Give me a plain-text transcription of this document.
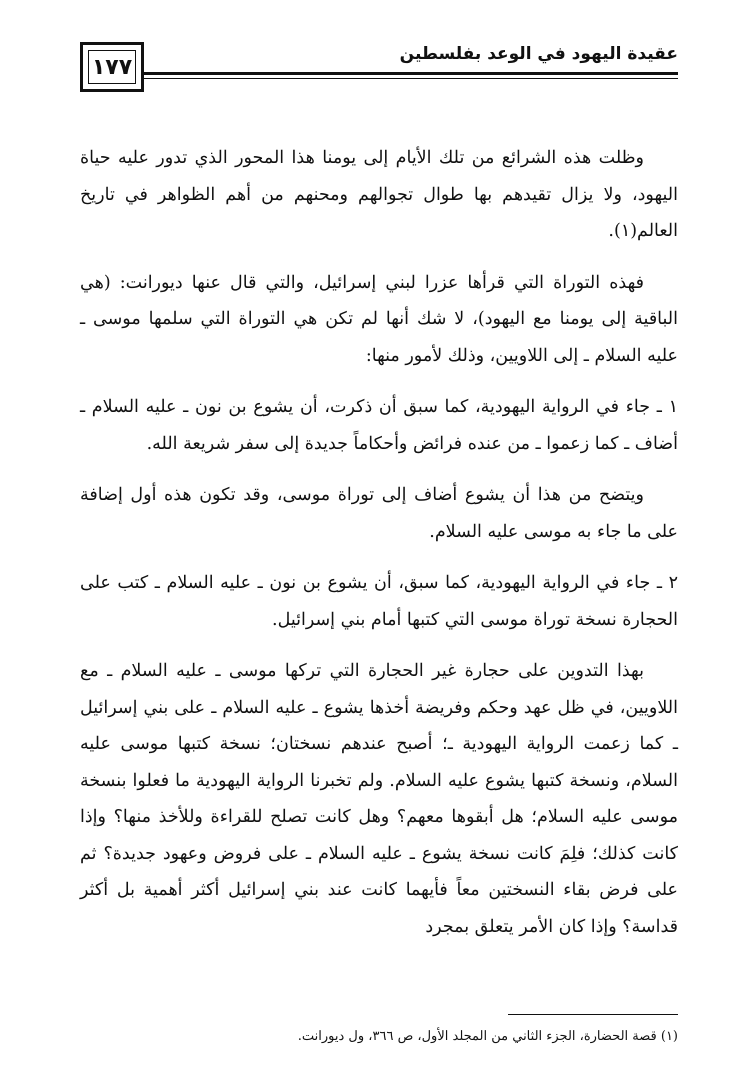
عقيدة اليهود في الوعد بفلسطين
١٧٧

وظلت هذه الشرائع من تلك الأيام إلى يومنا هذا المحور الذي تدور عليه حياة اليهود، ولا يزال تقيدهم بها طوال تجوالهم ومحنهم من أهم الظواهر في تاريخ العالم(١).

فهذه التوراة التي قرأها عزرا لبني إسرائيل، والتي قال عنها ديورانت: (هي الباقية إلى يومنا مع اليهود)، لا شك أنها لم تكن هي التوراة التي سلمها موسى ـ عليه السلام ـ إلى اللاويين، وذلك لأمور منها:

١ ـ جاء في الرواية اليهودية، كما سبق أن ذكرت، أن يشوع بن نون ـ عليه السلام ـ أضاف ـ كما زعموا ـ من عنده فرائض وأحكاماً جديدة إلى سفر شريعة الله.

ويتضح من هذا أن يشوع أضاف إلى توراة موسى، وقد تكون هذه أول إضافة على ما جاء به موسى عليه السلام.

٢ ـ جاء في الرواية اليهودية، كما سبق، أن يشوع بن نون ـ عليه السلام ـ كتب على الحجارة نسخة توراة موسى التي كتبها أمام بني إسرائيل.

بهذا التدوين على حجارة غير الحجارة التي تركها موسى ـ عليه السلام ـ مع اللاويين، في ظل عهد وحكم وفريضة أخذها يشوع ـ عليه السلام ـ على بني إسرائيل ـ كما زعمت الرواية اليهودية ـ؛ أصبح عندهم نسختان؛ نسخة كتبها موسى عليه السلام، ونسخة كتبها يشوع عليه السلام. ولم تخبرنا الرواية اليهودية ما فعلوا بنسخة موسى عليه السلام؛ هل أبقوها معهم؟ وهل كانت تصلح للقراءة وللأخذ منها؟ وإذا كانت كذلك؛ فلِمَ كانت نسخة يشوع ـ عليه السلام ـ على فروض وعهود جديدة؟ ثم على فرض بقاء النسختين معاً فأيهما كانت عند بني إسرائيل أكثر أهمية بل أكثر قداسة؟ وإذا كان الأمر يتعلق بمجرد

(١) قصة الحضارة، الجزء الثاني من المجلد الأول، ص ٣٦٦، ول ديورانت.
